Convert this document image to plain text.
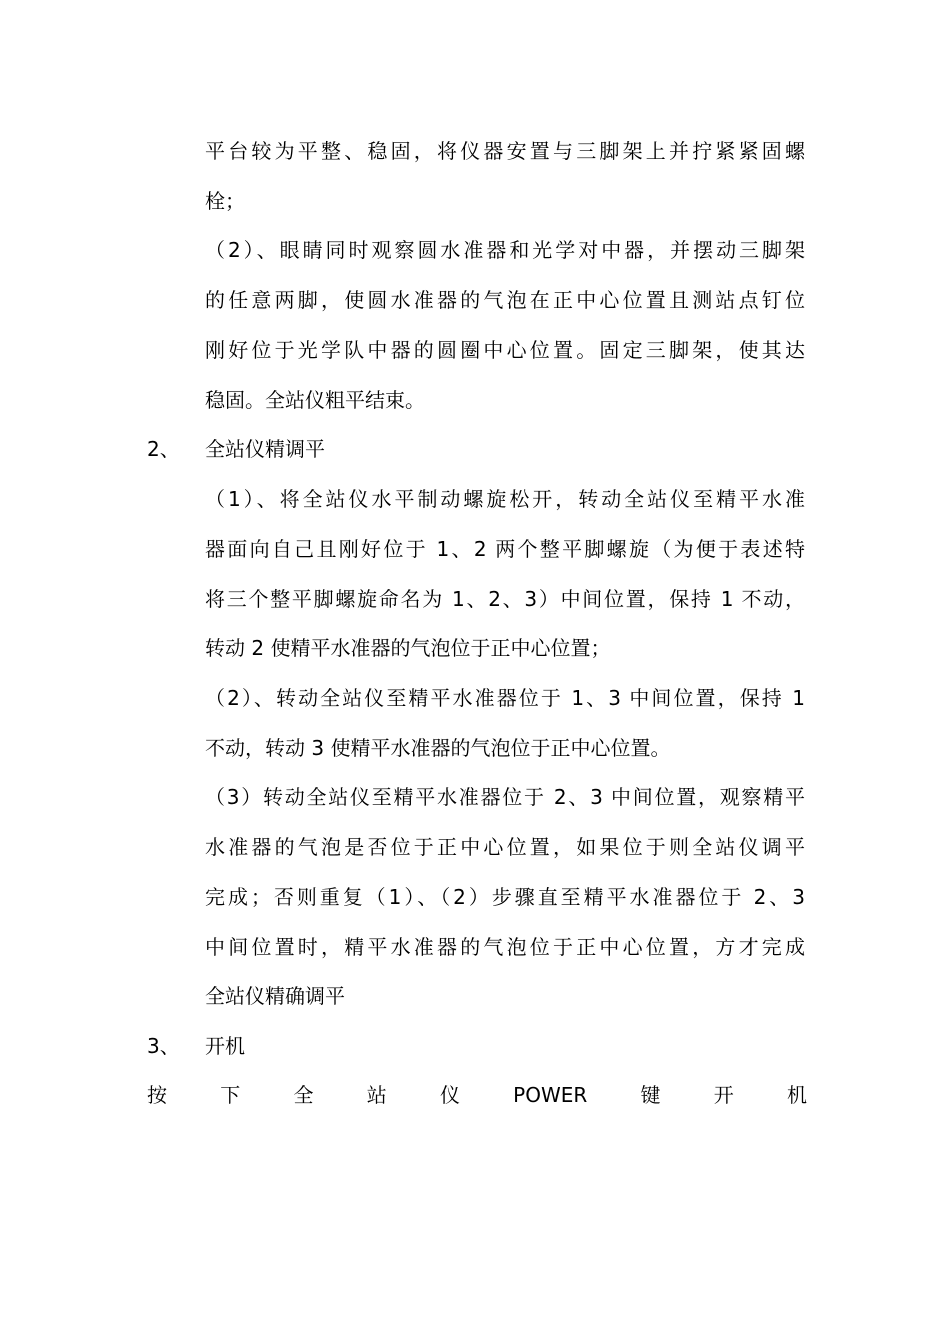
平台较为平整、稳固，将仪器安置与三脚架上并拧紧紧固螺
栓；
（2）、眼睛同时观察圆水准器和光学对中器，并摆动三脚架
的任意两脚，使圆水准器的气泡在正中心位置且测站点钉位
刚好位于光学队中器的圆圈中心位置。固定三脚架，使其达
稳固。全站仪粗平结束。
2、 全站仪精调平
（1）、将全站仪水平制动螺旋松开，转动全站仪至精平水准
器面向自己且刚好位于 1、2 两个整平脚螺旋（为便于表述特
将三个整平脚螺旋命名为 1、2、3）中间位置，保持 1 不动，
转动 2 使精平水准器的气泡位于正中心位置；
（2）、转动全站仪至精平水准器位于 1、3 中间位置，保持 1
不动，转动 3 使精平水准器的气泡位于正中心位置。
（3）转动全站仪至精平水准器位于 2、3 中间位置，观察精平
水准器的气泡是否位于正中心位置，如果位于则全站仪调平
完成；否则重复（1）、（2）步骤直至精平水准器位于 2、3
中间位置时，精平水准器的气泡位于正中心位置，方才完成
全站仪精确调平
3、 开机
按	下	全	站	仪	POWER	键	开	机
